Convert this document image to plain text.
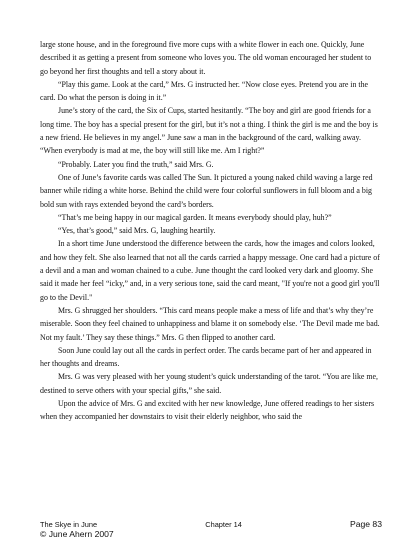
large stone house, and in the foreground five more cups with a white flower in each one. Quickly, June described it as getting a present from someone who loves you. The old woman encouraged her student to go beyond her first thoughts and tell a story about it.

“Play this game. Look at the card,” Mrs. G instructed her. “Now close eyes. Pretend you are in the card. Do what the person is doing in it.”

June’s story of the card, the Six of Cups, started hesitantly. “The boy and girl are good friends for a long time. The boy has a special present for the girl, but it’s not a thing. I think the girl is me and the boy is a new friend. He believes in my angel.” June saw a man in the background of the card, walking away. “When everybody is mad at me, the boy will still like me. Am I right?”

“Probably. Later you find the truth,” said Mrs. G.

One of June’s favorite cards was called The Sun. It pictured a young naked child waving a large red banner while riding a white horse. Behind the child were four colorful sunflowers in full bloom and a big bold sun with rays extended beyond the card’s borders.

“That’s me being happy in our magical garden. It means everybody should play, huh?”

“Yes, that’s good,” said Mrs. G, laughing heartily.

In a short time June understood the difference between the cards, how the images and colors looked, and how they felt. She also learned that not all the cards carried a happy message. One card had a picture of a devil and a man and woman chained to a cube. June thought the card looked very dark and gloomy. She said it made her feel “icky,” and, in a very serious tone, said the card meant, "If you're not a good girl you'll go to the Devil."

Mrs. G shrugged her shoulders. “This card means people make a mess of life and that’s why they’re miserable. Soon they feel chained to unhappiness and blame it on somebody else. ‘The Devil made me bad. Not my fault.’ They say these things.” Mrs. G then flipped to another card.

Soon June could lay out all the cards in perfect order. The cards became part of her and appeared in her thoughts and dreams.

Mrs. G was very pleased with her young student’s quick understanding of the tarot. “You are like me, destined to serve others with your special gifts,” she said.

Upon the advice of Mrs. G and excited with her new knowledge, June offered readings to her sisters when they accompanied her downstairs to visit their elderly neighbor, who said the

The Skye in June	Chapter 14	Page 83
© June Ahern 2007
